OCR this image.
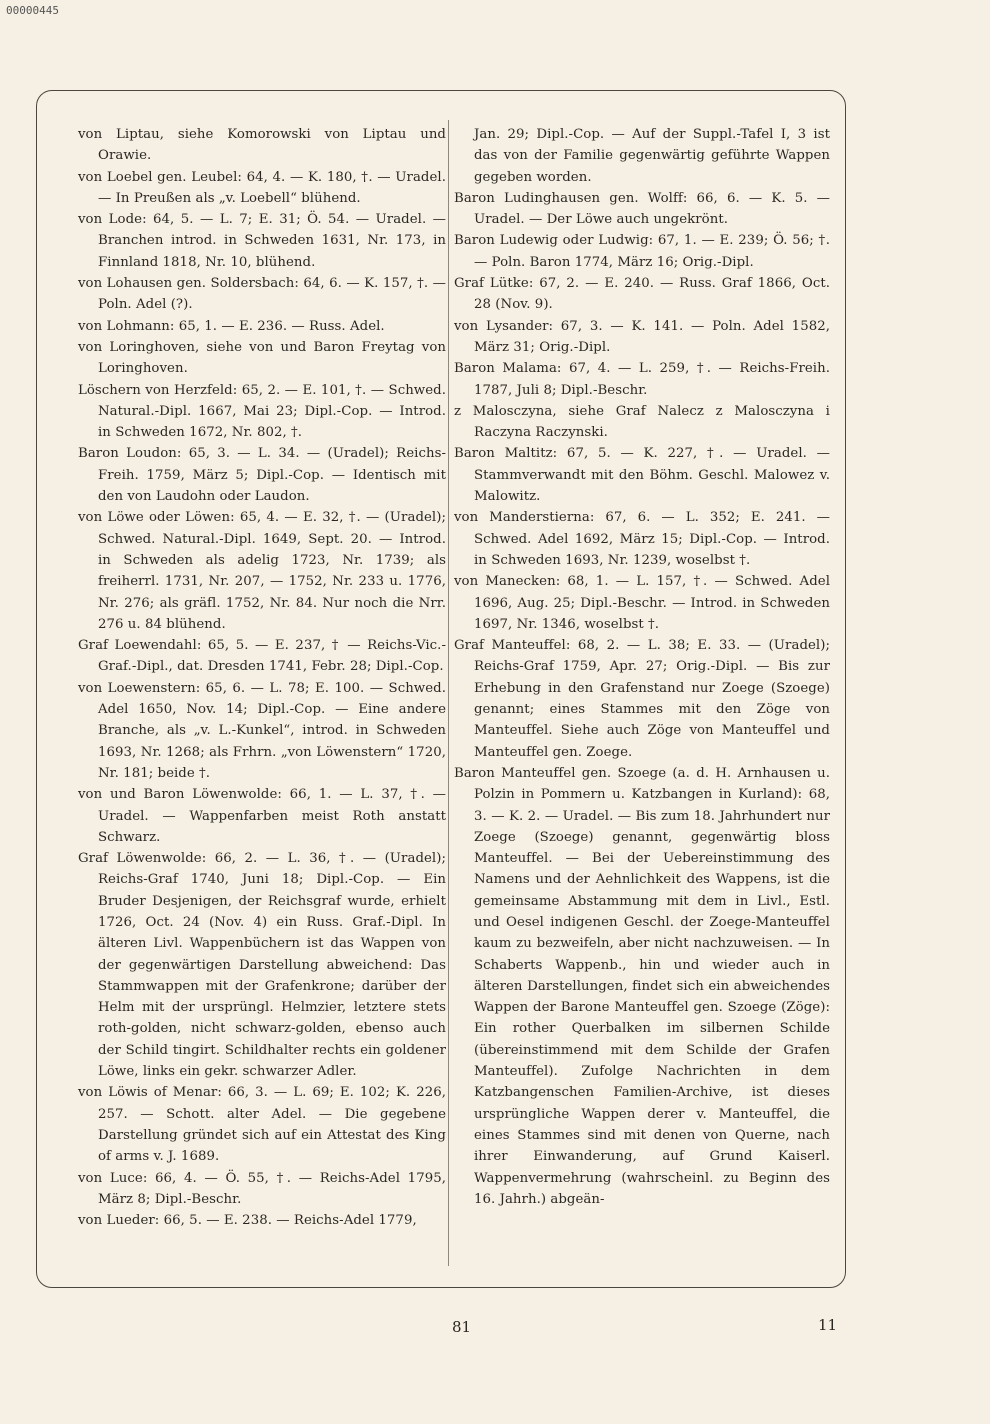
00000445

von Liptau, siehe Komorowski von Liptau und Orawie.

von Loebel gen. Leubel: 64, 4. — K. 180, †. — Uradel. — In Preußen als „v. Loebell“ blühend.

von Lode: 64, 5. — L. 7; E. 31; Ö. 54. — Uradel. — Branchen introd. in Schweden 1631, Nr. 173, in Finnland 1818, Nr. 10, blühend.

von Lohausen gen. Soldersbach: 64, 6. — K. 157, †. — Poln. Adel (?).

von Lohmann: 65, 1. — E. 236. — Russ. Adel.

von Loringhoven, siehe von und Baron Freytag von Loringhoven.

Löschern von Herzfeld: 65, 2. — E. 101, †. — Schwed. Natural.-Dipl. 1667, Mai 23; Dipl.-Cop. — Introd. in Schweden 1672, Nr. 802, †.

Baron Loudon: 65, 3. — L. 34. — (Uradel); Reichs-Freih. 1759, März 5; Dipl.-Cop. — Identisch mit den von Laudohn oder Laudon.

von Löwe oder Löwen: 65, 4. — E. 32, †. — (Uradel); Schwed. Natural.-Dipl. 1649, Sept. 20. — Introd. in Schweden als adelig 1723, Nr. 1739; als freiherrl. 1731, Nr. 207, — 1752, Nr. 233 u. 1776, Nr. 276; als gräfl. 1752, Nr. 84. Nur noch die Nrr. 276 u. 84 blühend.

Graf Loewendahl: 65, 5. — E. 237, † — Reichs-Vic.-Graf.-Dipl., dat. Dresden 1741, Febr. 28; Dipl.-Cop.

von Loewenstern: 65, 6. — L. 78; E. 100. — Schwed. Adel 1650, Nov. 14; Dipl.-Cop. — Eine andere Branche, als „v. L.-Kunkel“, introd. in Schweden 1693, Nr. 1268; als Frhrn. „von Löwenstern“ 1720, Nr. 181; beide †.

von und Baron Löwenwolde: 66, 1. — L. 37, †. — Uradel. — Wappenfarben meist Roth anstatt Schwarz.

Graf Löwenwolde: 66, 2. — L. 36, †. — (Uradel); Reichs-Graf 1740, Juni 18; Dipl.-Cop. — Ein Bruder Desjenigen, der Reichsgraf wurde, erhielt 1726, Oct. 24 (Nov. 4) ein Russ. Graf.-Dipl. In älteren Livl. Wappenbüchern ist das Wappen von der gegenwärtigen Darstellung abweichend: Das Stammwappen mit der Grafenkrone; darüber der Helm mit der ursprüngl. Helmzier, letztere stets roth-golden, nicht schwarz-golden, ebenso auch der Schild tingirt. Schildhalter rechts ein goldener Löwe, links ein gekr. schwarzer Adler.

von Löwis of Menar: 66, 3. — L. 69; E. 102; K. 226, 257. — Schott. alter Adel. — Die gegebene Darstellung gründet sich auf ein Attestat des King of arms v. J. 1689.

von Luce: 66, 4. — Ö. 55, †. — Reichs-Adel 1795, März 8; Dipl.-Beschr.

von Lueder: 66, 5. — E. 238. — Reichs-Adel 1779,

Jan. 29; Dipl.-Cop. — Auf der Suppl.-Tafel I, 3 ist das von der Familie gegenwärtig geführte Wappen gegeben worden.

Baron Ludinghausen gen. Wolff: 66, 6. — K. 5. — Uradel. — Der Löwe auch ungekrönt.

Baron Ludewig oder Ludwig: 67, 1. — E. 239; Ö. 56; †. — Poln. Baron 1774, März 16; Orig.-Dipl.

Graf Lütke: 67, 2. — E. 240. — Russ. Graf 1866, Oct. 28 (Nov. 9).

von Lysander: 67, 3. — K. 141. — Poln. Adel 1582, März 31; Orig.-Dipl.

Baron Malama: 67, 4. — L. 259, †. — Reichs-Freih. 1787, Juli 8; Dipl.-Beschr.

z Malosczyna, siehe Graf Nalecz z Malosczyna i Raczyna Raczynski.

Baron Maltitz: 67, 5. — K. 227, †. — Uradel. — Stammverwandt mit den Böhm. Geschl. Malowez v. Malowitz.

von Manderstierna: 67, 6. — L. 352; E. 241. — Schwed. Adel 1692, März 15; Dipl.-Cop. — Introd. in Schweden 1693, Nr. 1239, woselbst †.

von Manecken: 68, 1. — L. 157, †. — Schwed. Adel 1696, Aug. 25; Dipl.-Beschr. — Introd. in Schweden 1697, Nr. 1346, woselbst †.

Graf Manteuffel: 68, 2. — L. 38; E. 33. — (Uradel); Reichs-Graf 1759, Apr. 27; Orig.-Dipl. — Bis zur Erhebung in den Grafenstand nur Zoege (Szoege) genannt; eines Stammes mit den Zöge von Manteuffel. Siehe auch Zöge von Manteuffel und Manteuffel gen. Zoege.

Baron Manteuffel gen. Szoege (a. d. H. Arnhausen u. Polzin in Pommern u. Katzbangen in Kurland): 68, 3. — K. 2. — Uradel. — Bis zum 18. Jahrhundert nur Zoege (Szoege) genannt, gegenwärtig bloss Manteuffel. — Bei der Uebereinstimmung des Namens und der Aehnlichkeit des Wappens, ist die gemeinsame Abstammung mit dem in Livl., Estl. und Oesel indigenen Geschl. der Zoege-Manteuffel kaum zu bezweifeln, aber nicht nachzuweisen. — In Schaberts Wappenb., hin und wieder auch in älteren Darstellungen, findet sich ein abweichendes Wappen der Barone Manteuffel gen. Szoege (Zöge): Ein rother Querbalken im silbernen Schilde (übereinstimmend mit dem Schilde der Grafen Manteuffel). Zufolge Nachrichten in dem Katzbangenschen Familien-Archive, ist dieses ursprüngliche Wappen derer v. Manteuffel, die eines Stammes sind mit denen von Querne, nach ihrer Einwanderung, auf Grund Kaiserl. Wappenvermehrung (wahrscheinl. zu Beginn des 16. Jahrh.) abgeän-

81	11
